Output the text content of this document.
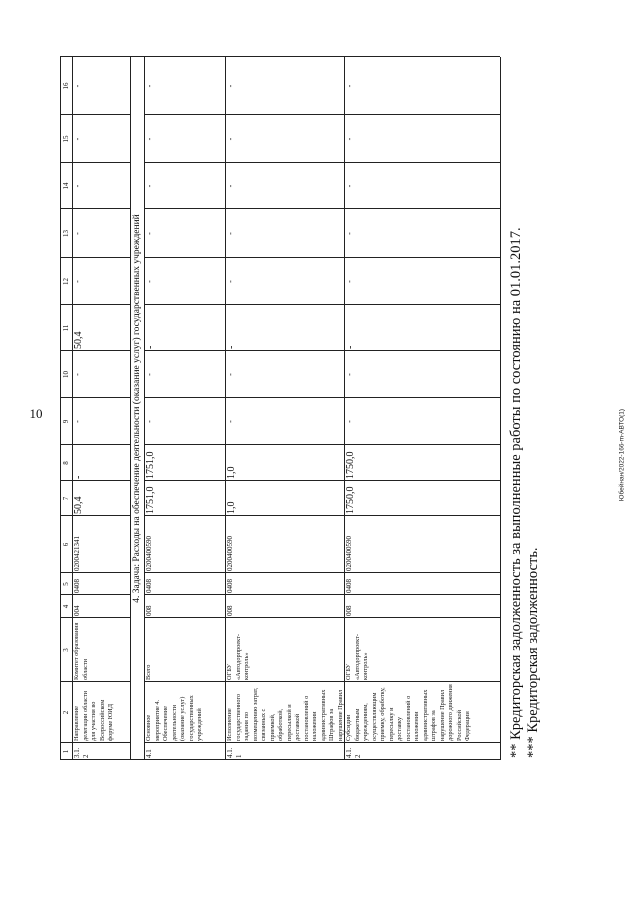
10	Юбейнан/2022-166-m-АВТО(1)
1
2
3
4
5
6
7
8
9
10
11
12
13
14
15
16
3.1.2
Направление делегации области для участия во Всероссийском форуме ЮИД
Комитет образования области
004
0408
0200421341
50,4
-
-
-
50,4
-
-
-
-
-
4.1
Основное мероприятие 4. Обеспечение деятельности (оказание услуг) государственных учреждений
Всего
008
0408
0200400590
1751,0
1751,0
-
-
-
-
-
-
-
-
4.1.1
Исполнение государственного задания по возмещению затрат, связанных с приемкой, обработкой, пересылкой и доставкой постановлений о наложении административных Штрафов за нарушение Правил
ОГБУ «Автодорпроект-контроль»
008
0408
0200400590
1,0
1,0
-
-
-
-
-
-
-
-
4.1.2
Субсидии бюджетным учреждениям, осуществляющим приемку, обработку, пересылку и доставку постановлений о наложении административных штрафов за нарушение Правил дорожного движения Российской Федерации
ОГБУ «Автодорпроект-контроль»
008
0408
0200400590
1750,0
1750,0
-
-
-
-
-
-
-
-
4. Задача: Расходы на обеспечение деятельности (оказание услуг) государственных учреждений	** Кредиторская задолженность за выполненные работы по состоянию на 01.01.2017. *** Кредиторская задолженность.
